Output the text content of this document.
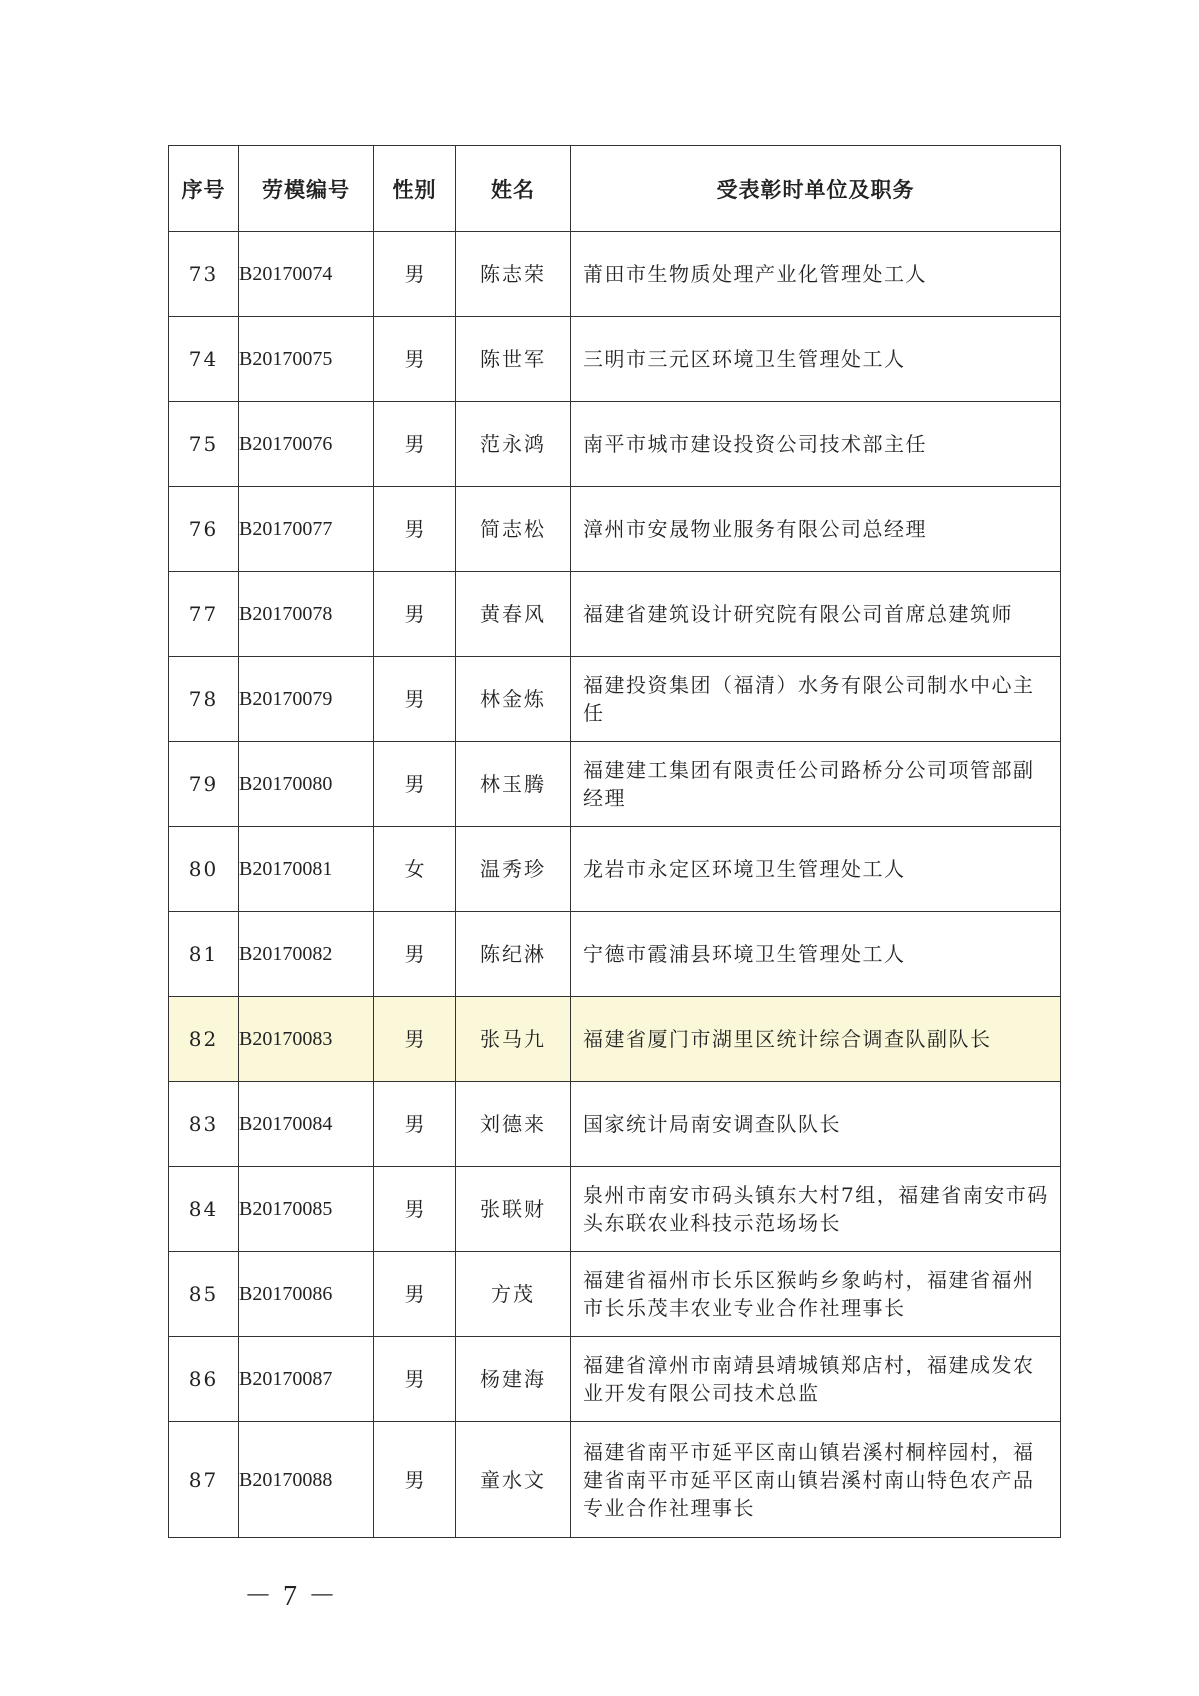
序号	劳模编号	性别	姓名	受表彰时单位及职务
73	B20170074	男	陈志荣	莆田市生物质处理产业化管理处工人
74	B20170075	男	陈世军	三明市三元区环境卫生管理处工人
75	B20170076	男	范永鸿	南平市城市建设投资公司技术部主任
76	B20170077	男	简志松	漳州市安晟物业服务有限公司总经理
77	B20170078	男	黄春风	福建省建筑设计研究院有限公司首席总建筑师
78	B20170079	男	林金炼	福建投资集团（福清）水务有限公司制水中心主任
79	B20170080	男	林玉腾	福建建工集团有限责任公司路桥分公司项管部副经理
80	B20170081	女	温秀珍	龙岩市永定区环境卫生管理处工人
81	B20170082	男	陈纪淋	宁德市霞浦县环境卫生管理处工人
82	B20170083	男	张马九	福建省厦门市湖里区统计综合调查队副队长
83	B20170084	男	刘德来	国家统计局南安调查队队长
84	B20170085	男	张联财	泉州市南安市码头镇东大村7组，福建省南安市码头东联农业科技示范场场长
85	B20170086	男	方茂	福建省福州市长乐区猴屿乡象屿村，福建省福州市长乐茂丰农业专业合作社理事长
86	B20170087	男	杨建海	福建省漳州市南靖县靖城镇郑店村，福建成发农业开发有限公司技术总监
87	B20170088	男	童水文	福建省南平市延平区南山镇岩溪村桐梓园村，福建省南平市延平区南山镇岩溪村南山特色农产品专业合作社理事长
－ 7 －
